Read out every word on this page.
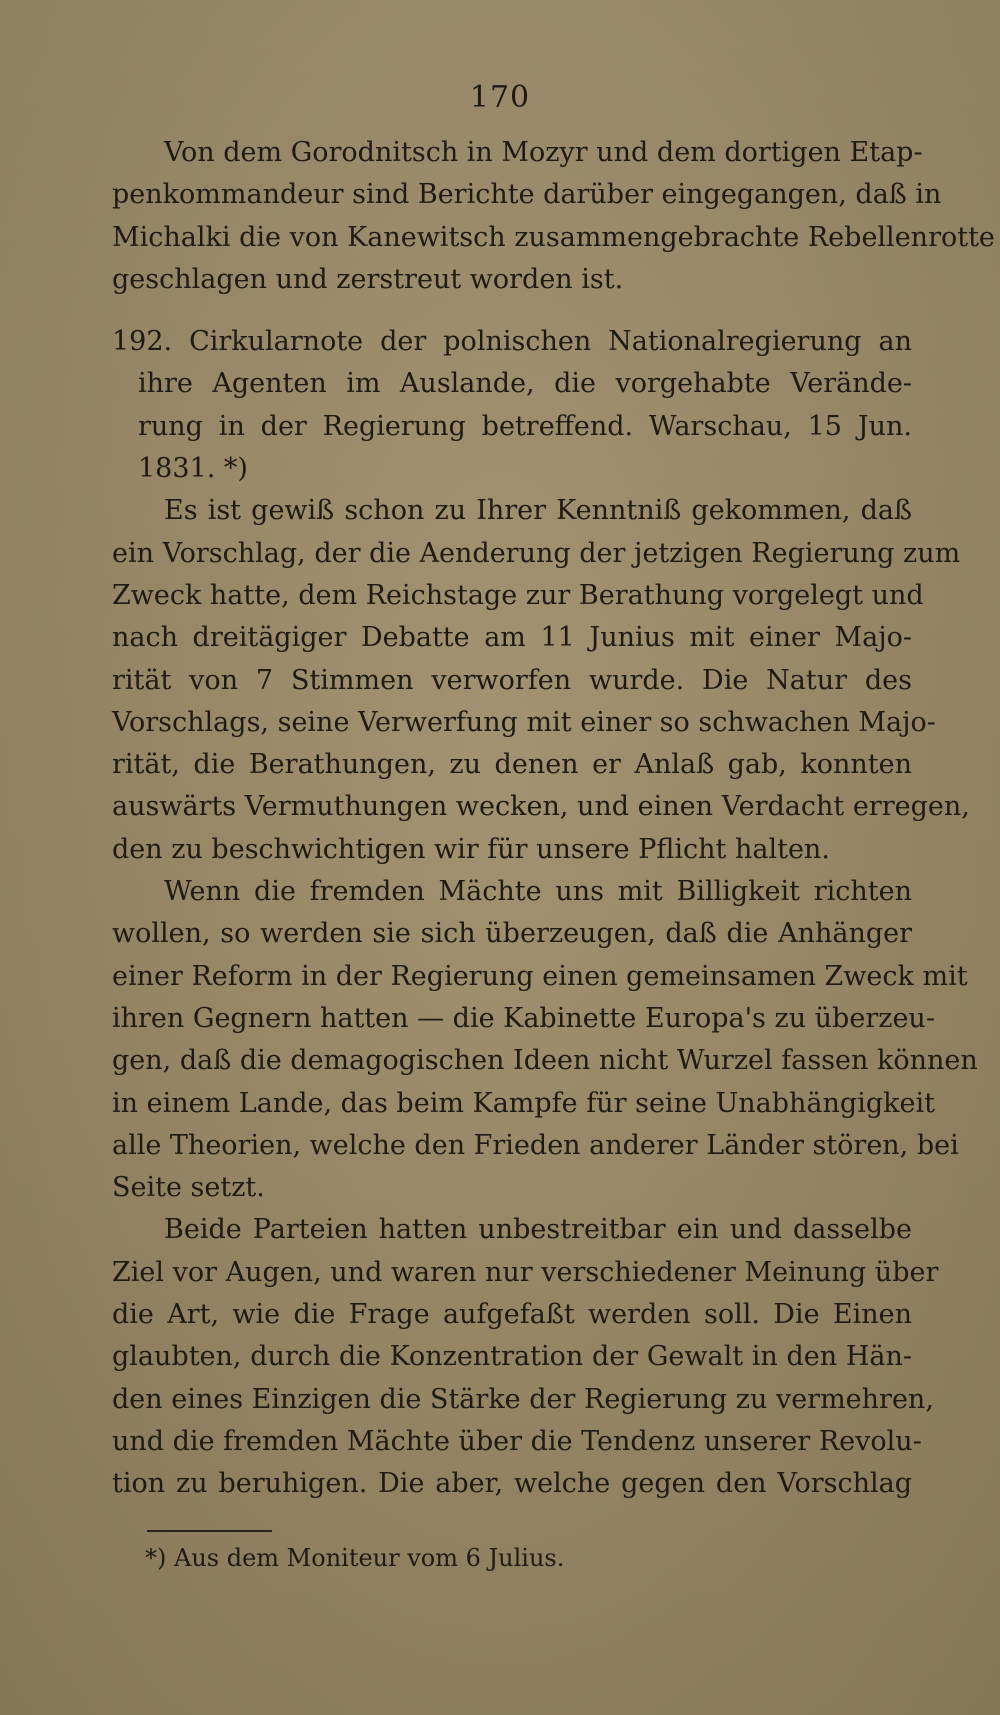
170
Von dem Gorodnitsch in Mozyr und dem dortigen Etap-
penkommandeur sind Berichte darüber eingegangen, daß in
Michalki die von Kanewitsch zusammengebrachte Rebellenrotte
geschlagen und zerstreut worden ist.
192. Cirkularnote der polnischen Nationalregierung an
ihre Agenten im Auslande, die vorgehabte Verände-
rung in der Regierung betreffend. Warschau, 15 Jun.
1831. *)
Es ist gewiß schon zu Ihrer Kenntniß gekommen, daß
ein Vorschlag, der die Aenderung der jetzigen Regierung zum
Zweck hatte, dem Reichstage zur Berathung vorgelegt und
nach dreitägiger Debatte am 11 Junius mit einer Majo-
rität von 7 Stimmen verworfen wurde. Die Natur des
Vorschlags, seine Verwerfung mit einer so schwachen Majo-
rität, die Berathungen, zu denen er Anlaß gab, konnten
auswärts Vermuthungen wecken, und einen Verdacht erregen,
den zu beschwichtigen wir für unsere Pflicht halten.
Wenn die fremden Mächte uns mit Billigkeit richten
wollen, so werden sie sich überzeugen, daß die Anhänger
einer Reform in der Regierung einen gemeinsamen Zweck mit
ihren Gegnern hatten — die Kabinette Europa's zu überzeu-
gen, daß die demagogischen Ideen nicht Wurzel fassen können
in einem Lande, das beim Kampfe für seine Unabhängigkeit
alle Theorien, welche den Frieden anderer Länder stören, bei
Seite setzt.
Beide Parteien hatten unbestreitbar ein und dasselbe
Ziel vor Augen, und waren nur verschiedener Meinung über
die Art, wie die Frage aufgefaßt werden soll. Die Einen
glaubten, durch die Konzentration der Gewalt in den Hän-
den eines Einzigen die Stärke der Regierung zu vermehren,
und die fremden Mächte über die Tendenz unserer Revolu-
tion zu beruhigen. Die aber, welche gegen den Vorschlag
*) Aus dem Moniteur vom 6 Julius.
